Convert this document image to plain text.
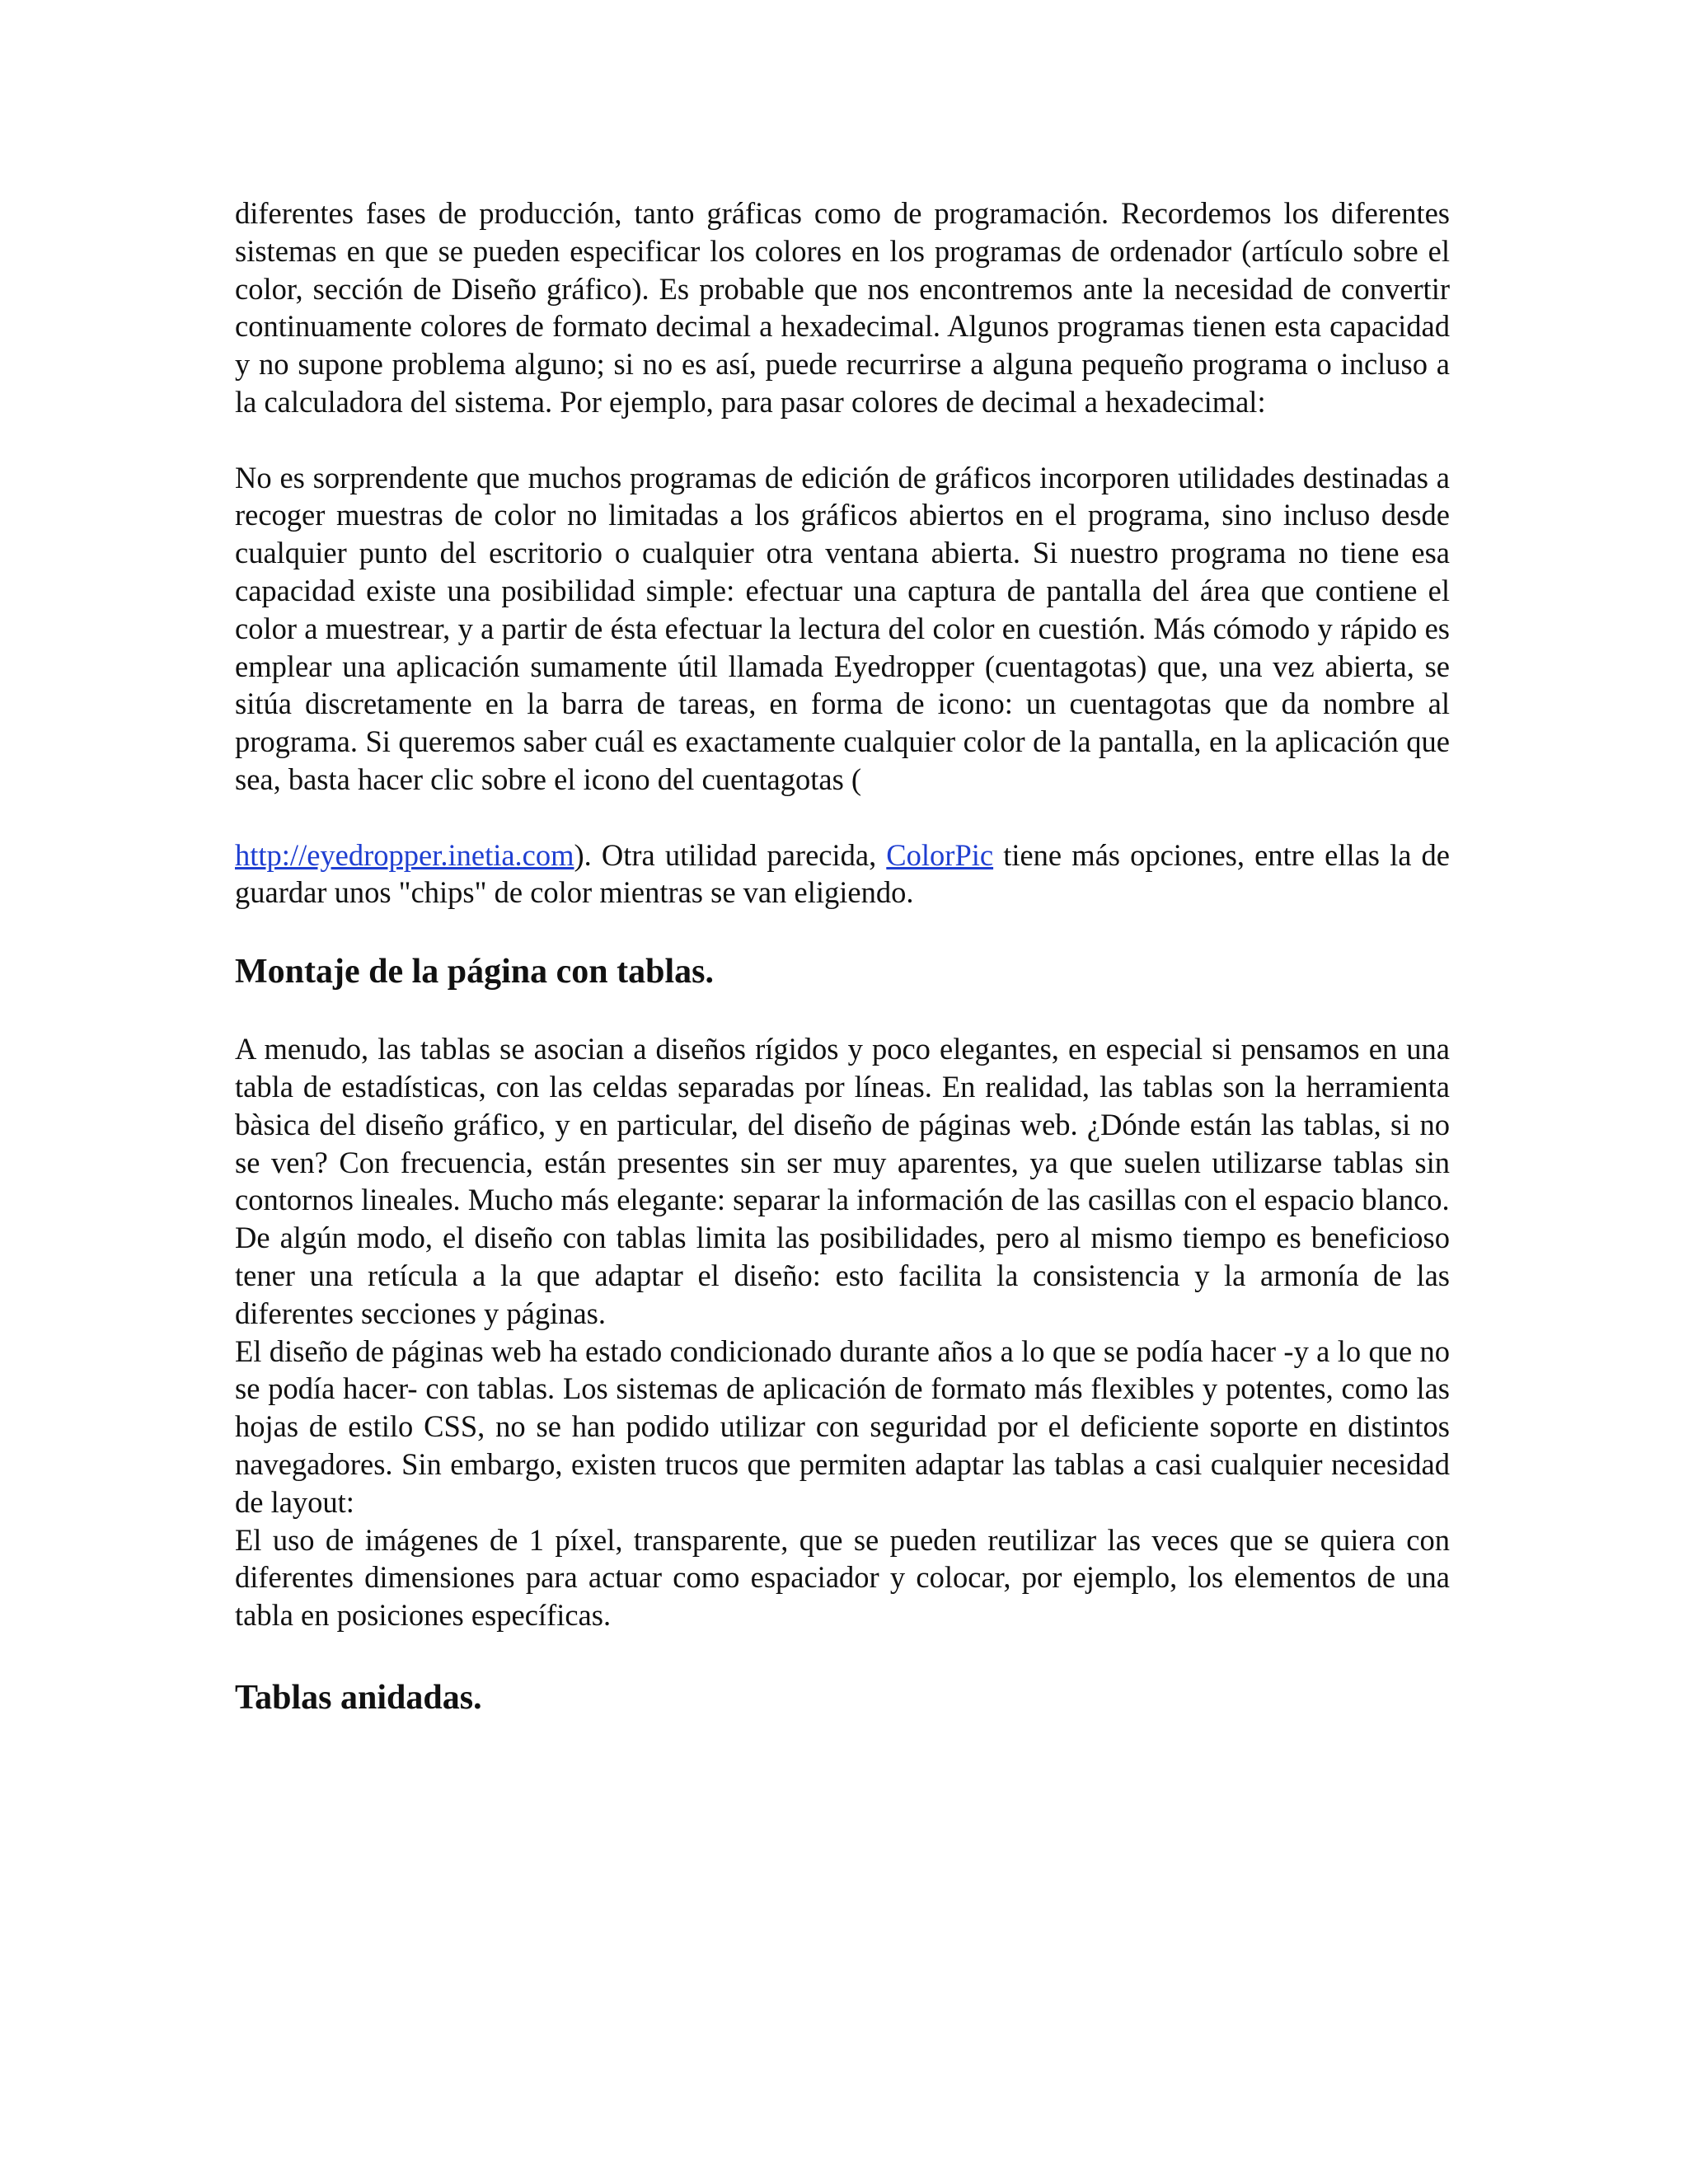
diferentes fases de producción, tanto gráficas como de programación. Recordemos los diferentes sistemas en que se pueden especificar los colores en los programas de ordenador (artículo sobre el color, sección de Diseño gráfico). Es probable que nos encontremos ante la necesidad de convertir continuamente colores de formato decimal a hexadecimal. Algunos programas tienen esta capacidad y no supone problema alguno; si no es así, puede recurrirse a alguna pequeño programa o incluso a la calculadora del sistema. Por ejemplo, para pasar colores de decimal a hexadecimal:

No es sorprendente que muchos programas de edición de gráficos incorporen utilidades destinadas a recoger muestras de color no limitadas a los gráficos abiertos en el programa, sino incluso desde cualquier punto del escritorio o cualquier otra ventana abierta. Si nuestro programa no tiene esa capacidad existe una posibilidad simple: efectuar una captura de pantalla del área que contiene el color a muestrear, y a partir de ésta efectuar la lectura del color en cuestión. Más cómodo y rápido es emplear una aplicación sumamente útil llamada Eyedropper (cuentagotas) que, una vez abierta, se sitúa discretamente en la barra de tareas, en forma de icono: un cuentagotas que da nombre al programa. Si queremos saber cuál es exactamente cualquier color de la pantalla, en la aplicación que sea, basta hacer clic sobre el icono del cuentagotas (

http://eyedropper.inetia.com). Otra utilidad parecida, ColorPic tiene más opciones, entre ellas la de guardar unos "chips" de color mientras se van eligiendo.

Montaje de la página con tablas.

A menudo, las tablas se asocian a diseños rígidos y poco elegantes, en especial si pensamos en una tabla de estadísticas, con las celdas separadas por líneas. En realidad, las tablas son la herramienta bàsica del diseño gráfico, y en particular, del diseño de páginas web. ¿Dónde están las tablas, si no se ven? Con frecuencia, están presentes sin ser muy aparentes, ya que suelen utilizarse tablas sin contornos lineales. Mucho más elegante: separar la información de las casillas con el espacio blanco.

De algún modo, el diseño con tablas limita las posibilidades, pero al mismo tiempo es beneficioso tener una retícula a la que adaptar el diseño: esto facilita la consistencia y la armonía de las diferentes secciones y páginas.

El diseño de páginas web ha estado condicionado durante años a lo que se podía hacer -y a lo que no se podía hacer- con tablas. Los sistemas de aplicación de formato más flexibles y potentes, como las hojas de estilo CSS, no se han podido utilizar con seguridad por el deficiente soporte en distintos navegadores. Sin embargo, existen trucos que permiten adaptar las tablas a casi cualquier necesidad de layout:

El uso de imágenes de 1 píxel, transparente, que se pueden reutilizar las veces que se quiera con diferentes dimensiones para actuar como espaciador y colocar, por ejemplo, los elementos de una tabla en posiciones específicas.

Tablas anidadas.
